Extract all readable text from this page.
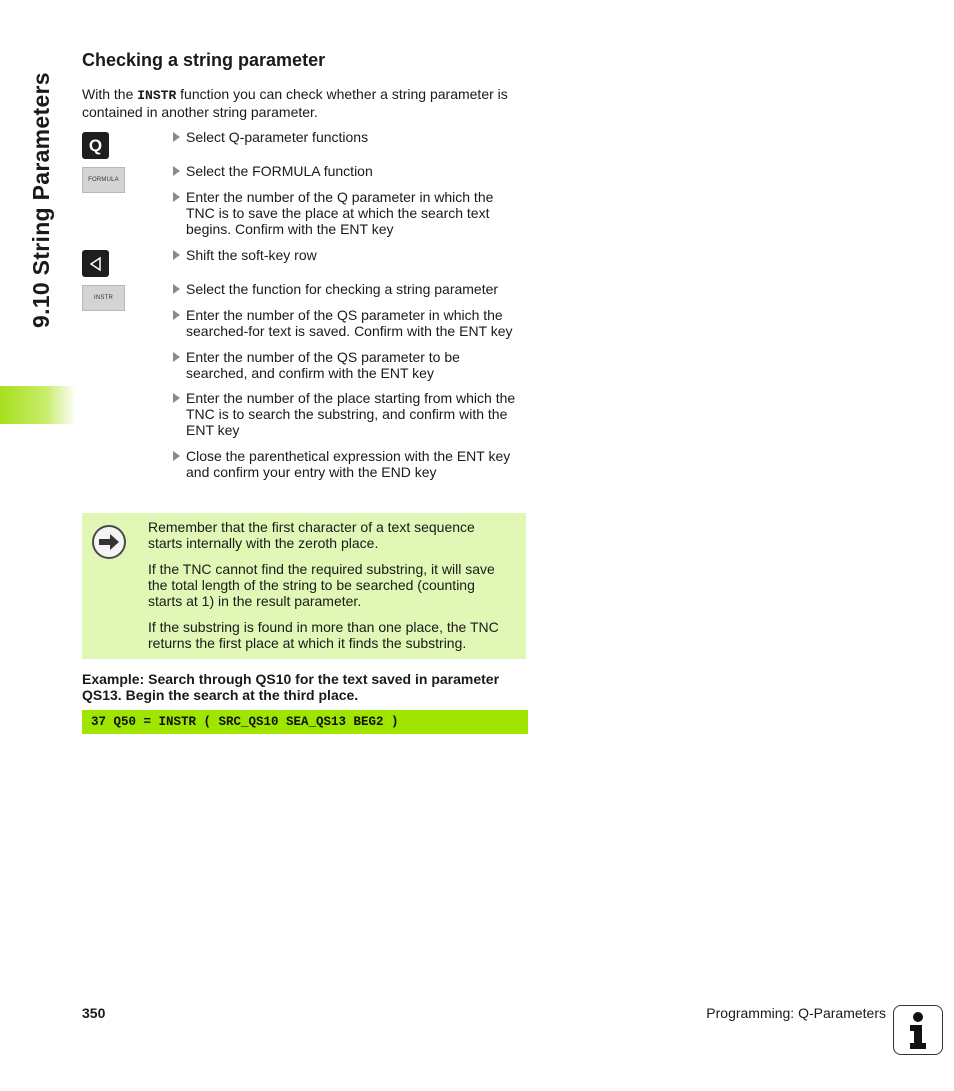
9.10 String Parameters
Checking a string parameter
With the INSTR function you can check whether a string parameter is
contained in another string parameter.
Q
FORMULA
INSTR
Select Q-parameter functions
Select the FORMULA function
Enter the number of the Q parameter in which the
TNC is to save the place at which the search text
begins. Confirm with the ENT key
Shift the soft-key row
Select the function for checking a string parameter
Enter the number of the QS parameter in which the
searched-for text is saved. Confirm with the ENT key
Enter the number of the QS parameter to be
searched, and confirm with the ENT key
Enter the number of the place starting from which the
TNC is to search the substring, and confirm with the
ENT key
Close the parenthetical expression with the ENT key
and confirm your entry with the END key
Remember that the first character of a text sequence
starts internally with the zeroth place.
If the TNC cannot find the required substring, it will save
the total length of the string to be searched (counting
starts at 1) in the result parameter.
If the substring is found in more than one place, the TNC
returns the first place at which it finds the substring.
Example: Search through QS10 for the text saved in parameter
QS13. Begin the search at the third place.
37 Q50 = INSTR ( SRC_QS10 SEA_QS13 BEG2 )
350	Programming: Q-Parameters
